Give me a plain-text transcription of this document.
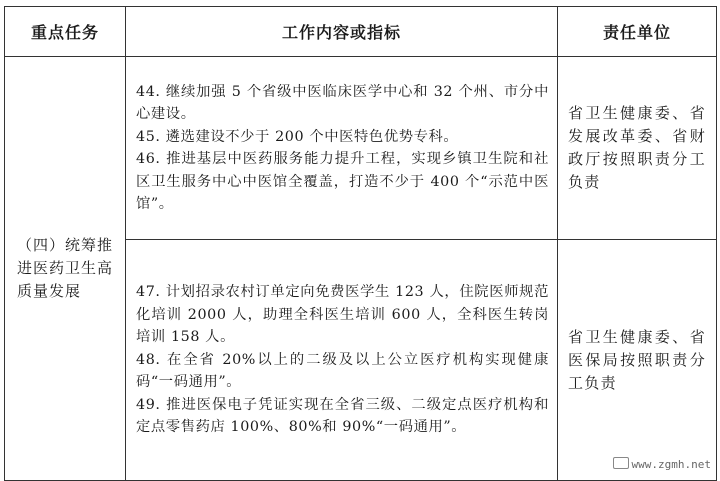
重点任务	工作内容或指标	责任单位
（四）统筹推进医药卫生高质量发展	44. 继续加强 5 个省级中医临床医学中心和 32 个州、市分中心建设。

45. 遴选建设不少于 200 个中医特色优势专科。

46. 推进基层中医药服务能力提升工程，实现乡镇卫生院和社区卫生服务中心中医馆全覆盖，打造不少于 400 个“示范中医馆”。	省卫生健康委、省发展改革委、省财政厅按照职责分工负责

	47. 计划招录农村订单定向免费医学生 123 人，住院医师规范化培训 2000 人，助理全科医生培训 600 人，全科医生转岗培训 158 人。

48. 在全省 20%以上的二级及以上公立医疗机构实现健康码“一码通用”。

49. 推进医保电子凭证实现在全省三级、二级定点医疗机构和定点零售药店 100%、80%和 90%“一码通用”。	省卫生健康委、省医保局按照职责分工负责
www.zgmh.net
